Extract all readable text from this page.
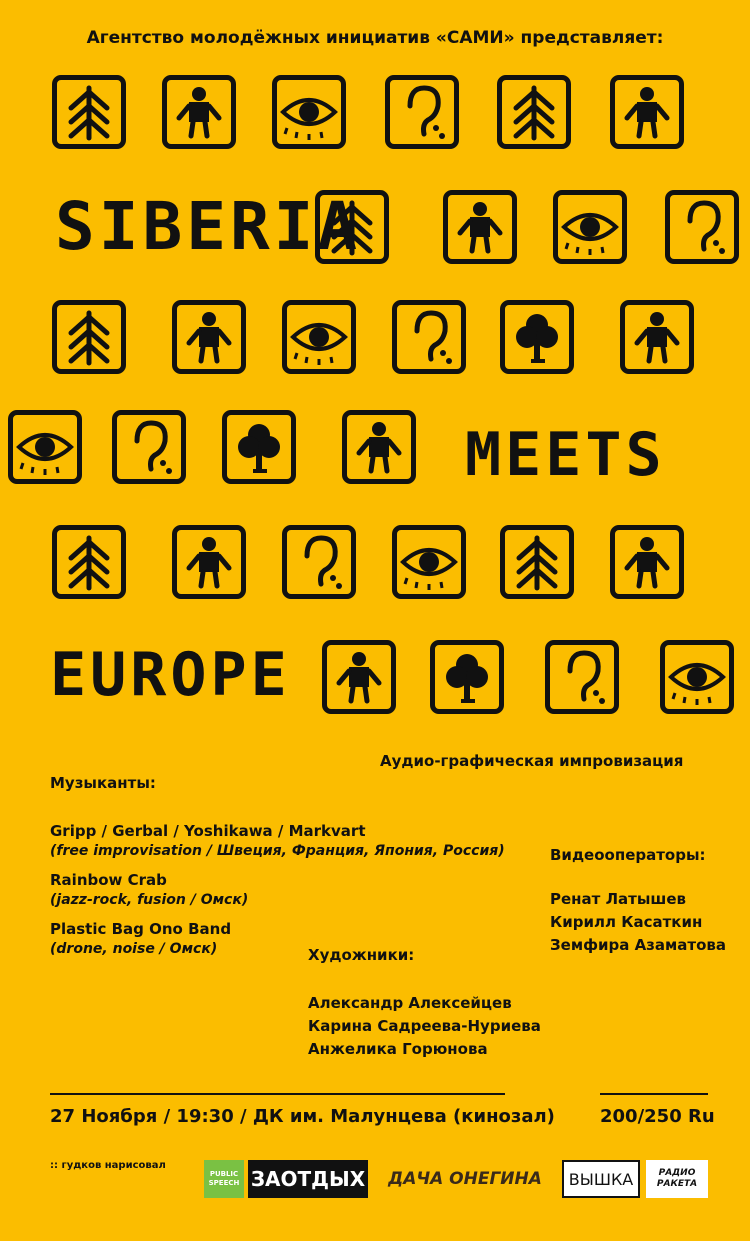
Агентство молодёжных инициатив «САМИ» представляет:
SIBERIA
MEETS
EUROPE
Аудио-графическая импровизация
Музыканты:
Gripp / Gerbal / Yoshikawa / Markvart
(free improvisation / Швеция, Франция, Япония, Россия)
Rainbow Crab
(jazz-rock, fusion / Омск)
Plastic Bag Ono Band
(drone, noise / Омск)	Художники:
Александр Алексейцев
Карина Садреева-Нуриева
Анжелика Горюнова
Видеооператоры:
Ренат Латышев
Кирилл Касаткин
Земфира Азаматова
27 Ноября / 19:30 / ДК им. Малунцева (кинозал)	200/250 Ru
:: гудков нарисовал
PUBLIC
SPEECH ЗАОТДЫХ	ДАЧА ОНЕГИНА	ВЫШКА	РАДИО
РАКЕТА
